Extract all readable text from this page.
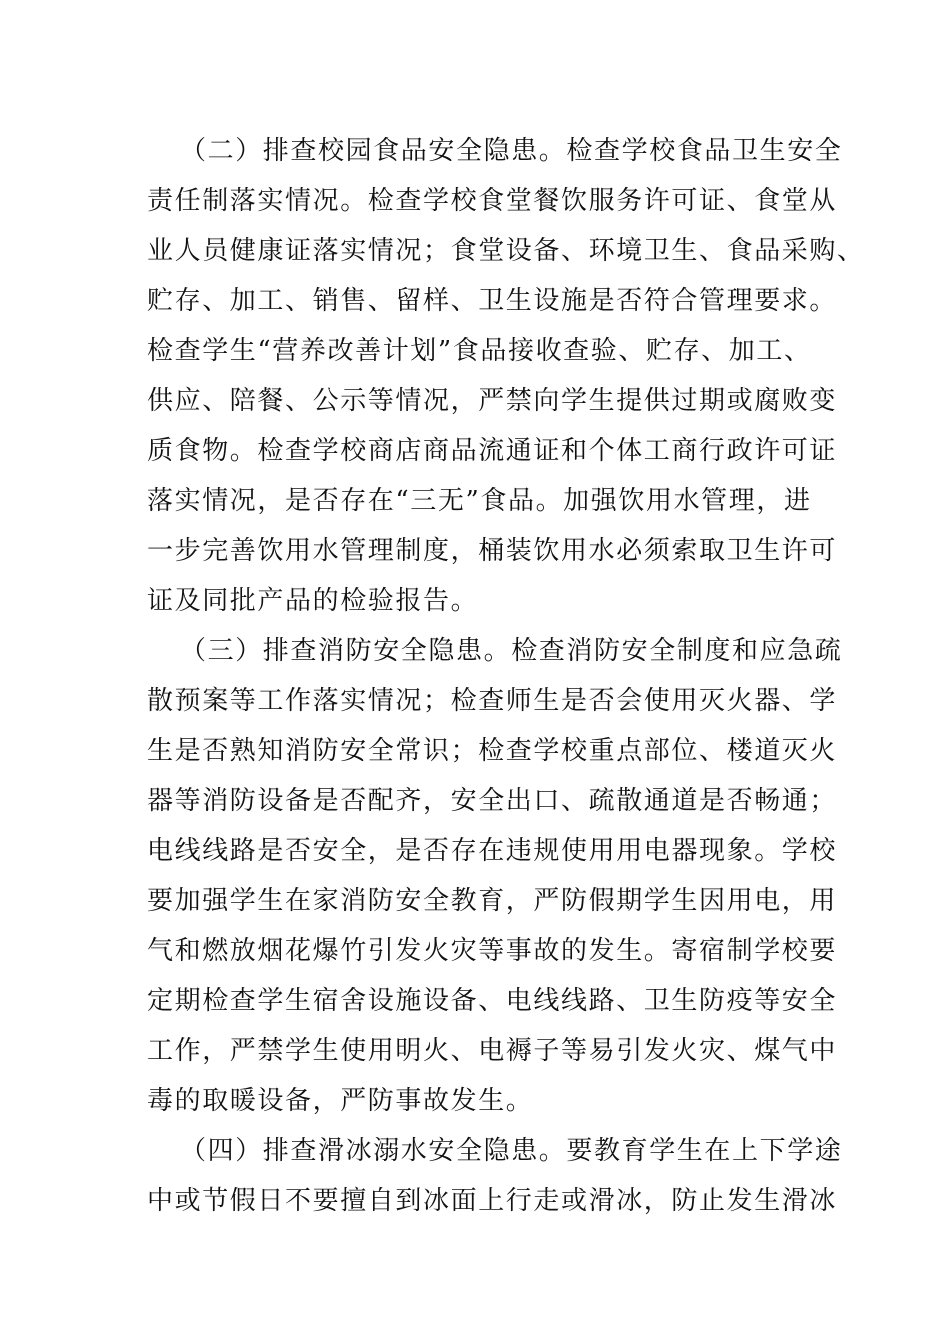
（二）排查校园食品安全隐患。检查学校食品卫生安全
责任制落实情况。检查学校食堂餐饮服务许可证、食堂从
业人员健康证落实情况；食堂设备、环境卫生、食品采购、
贮存、加工、销售、留样、卫生设施是否符合管理要求。
检查学生“营养改善计划”食品接收查验、贮存、加工、
供应、陪餐、公示等情况，严禁向学生提供过期或腐败变
质食物。检查学校商店商品流通证和个体工商行政许可证
落实情况，是否存在“三无”食品。加强饮用水管理，进
一步完善饮用水管理制度，桶装饮用水必须索取卫生许可
证及同批产品的检验报告。
（三）排查消防安全隐患。检查消防安全制度和应急疏
散预案等工作落实情况；检查师生是否会使用灭火器、学
生是否熟知消防安全常识；检查学校重点部位、楼道灭火
器等消防设备是否配齐，安全出口、疏散通道是否畅通；
电线线路是否安全，是否存在违规使用用电器现象。学校
要加强学生在家消防安全教育，严防假期学生因用电，用
气和燃放烟花爆竹引发火灾等事故的发生。寄宿制学校要
定期检查学生宿舍设施设备、电线线路、卫生防疫等安全
工作，严禁学生使用明火、电褥子等易引发火灾、煤气中
毒的取暖设备，严防事故发生。
（四）排查滑冰溺水安全隐患。要教育学生在上下学途
中或节假日不要擅自到冰面上行走或滑冰，防止发生滑冰
